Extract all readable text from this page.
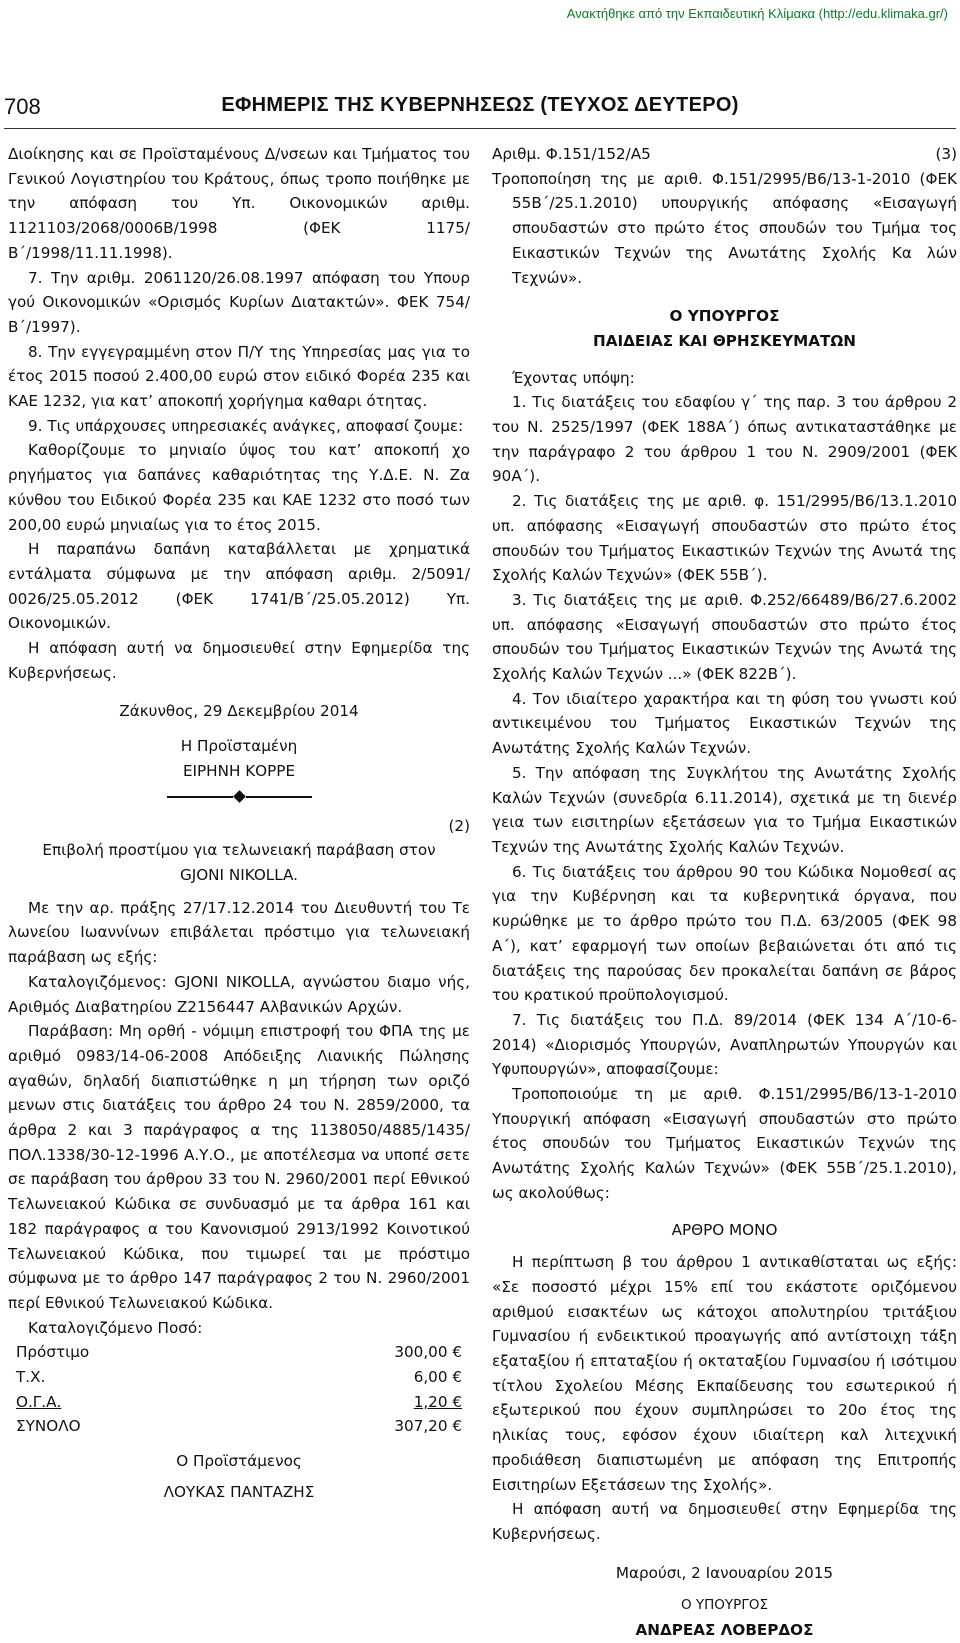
Ανακτήθηκε από την Εκπαιδευτική Κλίμακα (http://edu.klimaka.gr/)
708	ΕΦΗΜΕΡΙΣ ΤΗΣ ΚΥΒΕΡΝΗΣΕΩΣ (ΤΕΥΧΟΣ ΔΕΥΤΕΡΟ)

Διοίκησης και σε Προϊσταμένους Δ/νσεων και Τμήματος του Γενικού Λογιστηρίου του Κράτους, όπως τροπο ποιήθηκε με την απόφαση του Υπ. Οικονομικών αριθμ. 1121103/2068/0006Β/1998 (ΦΕΚ 1175/Β΄/1998/11.11.1998).

7. Την αριθμ. 2061120/26.08.1997 απόφαση του Υπουρ γού Οικονομικών «Ορισμός Κυρίων Διατακτών». ΦΕΚ 754/Β΄/1997).

8. Την εγγεγραμμένη στον Π/Υ της Υπηρεσίας μας για το έτος 2015 ποσού 2.400,00 ευρώ στον ειδικό Φορέα 235 και ΚΑΕ 1232, για κατ’ αποκοπή χορήγημα καθαρι ότητας.

9. Τις υπάρχουσες υπηρεσιακές ανάγκες, αποφασί ζουμε:

Καθορίζουμε το μηνιαίο ύψος του κατ’ αποκοπή χο ρηγήματος για δαπάνες καθαριότητας της Υ.Δ.Ε. Ν. Ζα κύνθου του Ειδικού Φορέα 235 και ΚΑΕ 1232 στο ποσό των 200,00 ευρώ μηνιαίως για το έτος 2015.

Η παραπάνω δαπάνη καταβάλλεται με χρηματικά εντάλματα σύμφωνα με την απόφαση αριθμ. 2/5091/ 0026/25.05.2012 (ΦΕΚ 1741/Β΄/25.05.2012) Υπ. Οικονομικών.

Η απόφαση αυτή να δημοσιευθεί στην Εφημερίδα της Κυβερνήσεως.

Ζάκυνθος, 29 Δεκεμβρίου 2014

Η Προϊσταμένη

ΕΙΡΗΝΗ ΚΟΡΡΕ

(2)

Επιβολή προστίμου για τελωνειακή παράβαση στον GJONI NIKOLLA.

Με την αρ. πράξης 27/17.12.2014 του Διευθυντή του Τε λωνείου Ιωαννίνων επιβάλεται πρόστιμο για τελωνειακή παράβαση ως εξής:

Καταλογιζόμενος: GJONI NIKOLLA, αγνώστου διαμο νής, Αριθμός Διαβατηρίου Z2156447 Αλβανικών Αρχών.

Παράβαση: Μη ορθή - νόμιμη επιστροφή του ΦΠΑ της με αριθμό 0983/14-06-2008 Απόδειξης Λιανικής Πώλησης αγαθών, δηλαδή διαπιστώθηκε η μη τήρηση των οριζό μενων στις διατάξεις του άρθρο 24 του Ν. 2859/2000, τα άρθρα 2 και 3 παράγραφος α της 1138050/4885/1435/ ΠΟΛ.1338/30-12-1996 Α.Υ.Ο., με αποτέλεσμα να υποπέ σετε σε παράβαση του άρθρου 33 του Ν. 2960/2001 περί Εθνικού Τελωνειακού Κώδικα σε συνδυασμό με τα άρθρα 161 και 182 παράγραφος α του Κανονισμού 2913/1992 Κοινοτικού Τελωνειακού Κώδικα, που τιμωρεί ται με πρόστιμο σύμφωνα με το άρθρο 147 παράγραφος 2 του Ν. 2960/2001 περί Εθνικού Τελωνειακού Κώδικα.

Καταλογιζόμενο Ποσό:

Πρόστιμο	300,00 €
Τ.Χ.	6,00 €
Ο.Γ.Α.	1,20 €
ΣΥΝΟΛΟ	307,20 €

Ο Προϊστάμενος

ΛΟΥΚΑΣ ΠΑΝΤΑΖΗΣ

Αριθμ. Φ.151/152/Α5	(3)

Τροποποίηση της με αριθ. Φ.151/2995/Β6/13-1-2010 (ΦΕΚ 55Β΄/25.1.2010) υπουργικής απόφασης «Εισαγωγή σπουδαστών στο πρώτο έτος σπουδών του Τμήμα τος Εικαστικών Τεχνών της Ανωτάτης Σχολής Κα λών Τεχνών».

Ο ΥΠΟΥΡΓΟΣ

ΠΑΙΔΕΙΑΣ ΚΑΙ ΘΡΗΣΚΕΥΜΑΤΩΝ

Έχοντας υπόψη:

1. Τις διατάξεις του εδαφίου γ΄ της παρ. 3 του άρθρου 2 του Ν. 2525/1997 (ΦΕΚ 188Α΄) όπως αντικαταστάθηκε με την παράγραφο 2 του άρθρου 1 του Ν. 2909/2001 (ΦΕΚ 90Α΄).

2. Τις διατάξεις της με αριθ. φ. 151/2995/Β6/13.1.2010 υπ. απόφασης «Εισαγωγή σπουδαστών στο πρώτο έτος σπουδών του Τμήματος Εικαστικών Τεχνών της Ανωτά της Σχολής Καλών Τεχνών» (ΦΕΚ 55Β΄).

3. Τις διατάξεις της με αριθ. Φ.252/66489/Β6/27.6.2002 υπ. απόφασης «Εισαγωγή σπουδαστών στο πρώτο έτος σπουδών του Τμήματος Εικαστικών Τεχνών της Ανωτά της Σχολής Καλών Τεχνών ...» (ΦΕΚ 822Β΄).

4. Τον ιδιαίτερο χαρακτήρα και τη φύση του γνωστι κού αντικειμένου του Τμήματος Εικαστικών Τεχνών της Ανωτάτης Σχολής Καλών Τεχνών.

5. Την απόφαση της Συγκλήτου της Ανωτάτης Σχολής Καλών Τεχνών (συνεδρία 6.11.2014), σχετικά με τη διενέρ γεια των εισιτηρίων εξετάσεων για το Τμήμα Εικαστικών Τεχνών της Ανωτάτης Σχολής Καλών Τεχνών.

6. Τις διατάξεις του άρθρου 90 του Κώδικα Νομοθεσί ας για την Κυβέρνηση και τα κυβερνητικά όργανα, που κυρώθηκε με το άρθρο πρώτο του Π.Δ. 63/2005 (ΦΕΚ 98 Α΄), κατ’ εφαρμογή των οποίων βεβαιώνεται ότι από τις διατάξεις της παρούσας δεν προκαλείται δαπάνη σε βάρος του κρατικού προϋπολογισμού.

7. Τις διατάξεις του Π.Δ. 89/2014 (ΦΕΚ 134 Α΄/10-6-2014) «Διορισμός Υπουργών, Αναπληρωτών Υπουργών και Υφυπουργών», αποφασίζουμε:

Τροποποιούμε τη με αριθ. Φ.151/2995/Β6/13-1-2010 Υπουργική απόφαση «Εισαγωγή σπουδαστών στο πρώτο έτος σπουδών του Τμήματος Εικαστικών Τεχνών της Ανωτάτης Σχολής Καλών Τεχνών» (ΦΕΚ 55Β΄/25.1.2010), ως ακολούθως:

ΑΡΘΡΟ ΜΟΝΟ

Η περίπτωση β του άρθρου 1 αντικαθίσταται ως εξής: «Σε ποσοστό μέχρι 15% επί του εκάστοτε οριζόμενου αριθμού εισακτέων ως κάτοχοι απολυτηρίου τριτάξιου Γυμνασίου ή ενδεικτικού προαγωγής από αντίστοιχη τάξη εξαταξίου ή επταταξίου ή οκταταξίου Γυμνασίου ή ισότιμου τίτλου Σχολείου Μέσης Εκπαίδευσης του εσωτερικού ή εξωτερικού που έχουν συμπληρώσει το 20ο έτος της ηλικίας τους, εφόσον έχουν ιδιαίτερη καλ λιτεχνική προδιάθεση διαπιστωμένη με απόφαση της Επιτροπής Εισιτηρίων Εξετάσεων της Σχολής».

Η απόφαση αυτή να δημοσιευθεί στην Εφημερίδα της Κυβερνήσεως.

Μαρούσι, 2 Ιανουαρίου 2015

Ο ΥΠΟΥΡΓΟΣ

ΑΝΔΡΕΑΣ ΛΟΒΕΡΔΟΣ
